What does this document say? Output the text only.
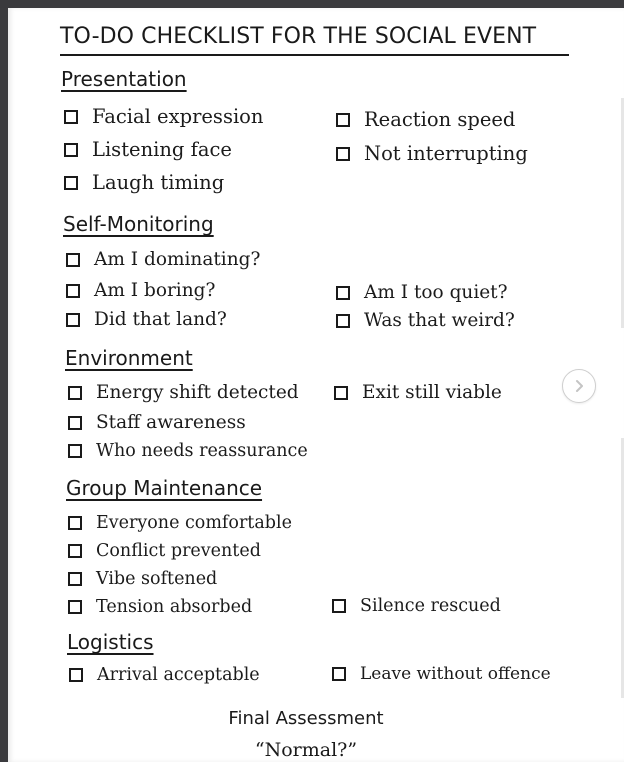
TO-DO CHECKLIST FOR THE SOCIAL EVENT
Presentation
Facial expression	Reaction speed
Listening face	Not interrupting
Laugh timing
Self-Monitoring
Am I dominating?
Am I boring?	Am I too quiet?
Did that land?	Was that weird?
Environment
Energy shift detected	Exit still viable
Staff awareness
Who needs reassurance
Group Maintenance
Everyone comfortable
Conflict prevented
Vibe softened
Tension absorbed	Silence rescued
Logistics
Arrival acceptable	Leave without offence
Final Assessment
“Normal?”
